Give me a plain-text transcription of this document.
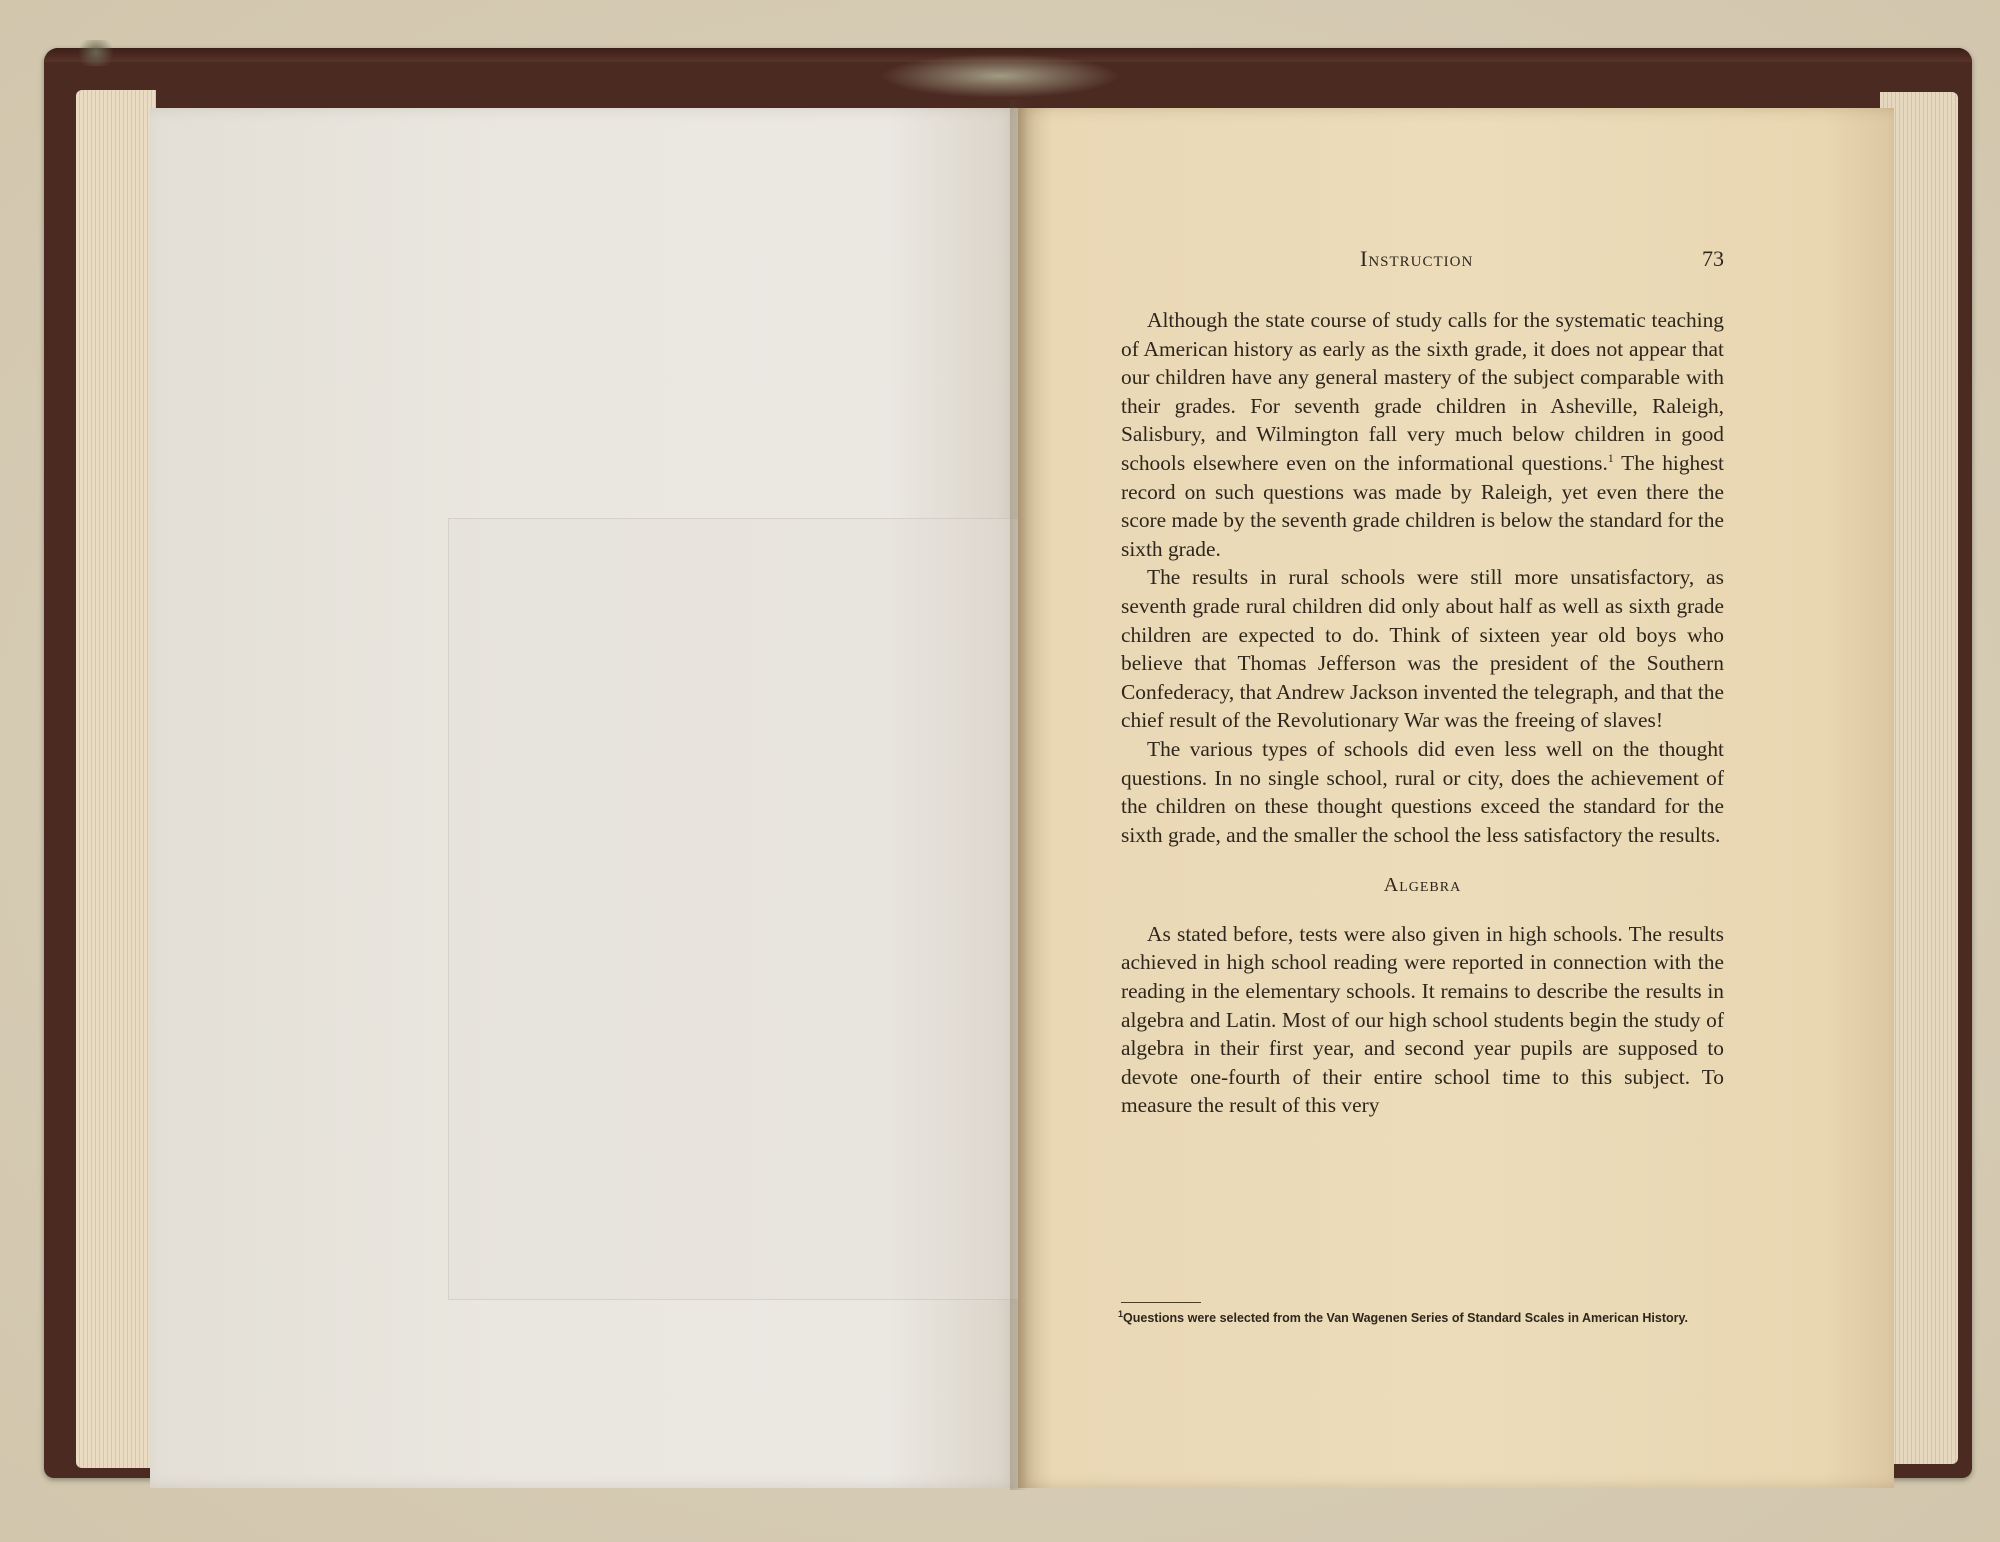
Instruction	73

Although the state course of study calls for the systematic teaching of American history as early as the sixth grade, it does not appear that our children have any general mastery of the subject comparable with their grades. For seventh grade children in Asheville, Raleigh, Salisbury, and Wilmington fall very much below children in good schools elsewhere even on the informational questions.$^1$ The highest record on such questions was made by Raleigh, yet even there the score made by the seventh grade children is below the standard for the sixth grade.

The results in rural schools were still more unsatisfactory, as seventh grade rural children did only about half as well as sixth grade children are expected to do. Think of sixteen year old boys who believe that Thomas Jefferson was the president of the Southern Confederacy, that Andrew Jackson invented the telegraph, and that the chief result of the Revolutionary War was the freeing of slaves!

The various types of schools did even less well on the thought questions. In no single school, rural or city, does the achievement of the children on these thought questions exceed the standard for the sixth grade, and the smaller the school the less satisfactory the results.

Algebra

As stated before, tests were also given in high schools. The results achieved in high school reading were reported in connection with the reading in the elementary schools. It remains to describe the results in algebra and Latin. Most of our high school students begin the study of algebra in their first year, and second year pupils are supposed to devote one-fourth of their entire school time to this subject. To measure the result of this very

$^1$Questions were selected from the Van Wagenen Series of Standard Scales in American History.
